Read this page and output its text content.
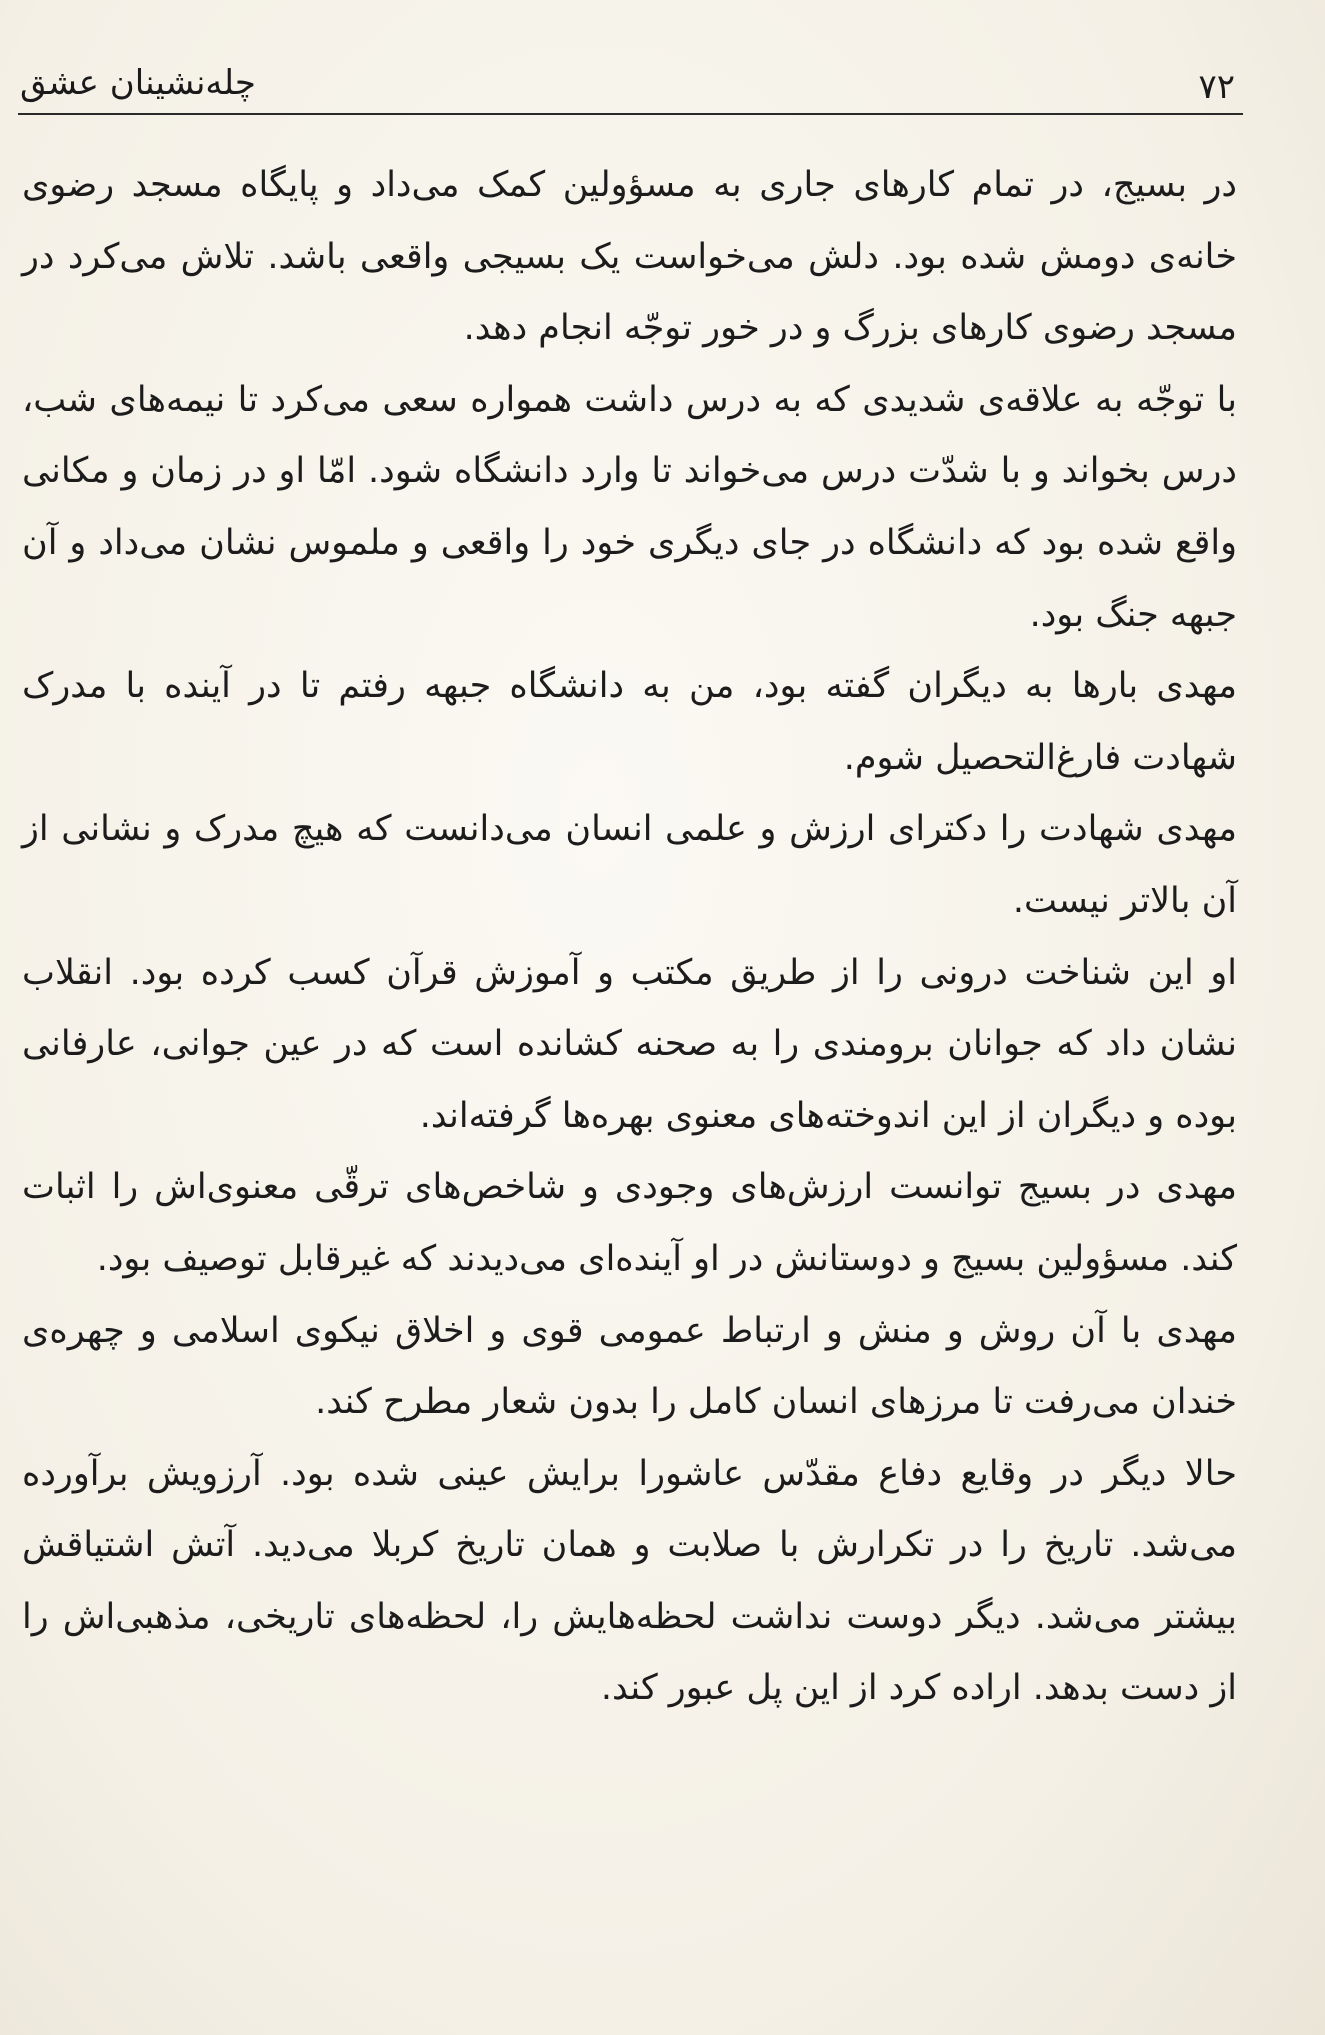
۷۲
چله‌نشینان عشق

در بسیج، در تمام کارهای جاری به مسؤولین کمک می‌داد و پایگاه مسجد رضوی خانه‌ی دومش شده بود. دلش می‌خواست یک بسیجی واقعی باشد. تلاش می‌کرد در مسجد رضوی کارهای بزرگ و در خور توجّه انجام دهد.

با توجّه به علاقه‌ی شدیدی که به درس داشت همواره سعی می‌کرد تا نیمه‌های شب، درس بخواند و با شدّت درس می‌خواند تا وارد دانشگاه شود. امّا او در زمان و مکانی واقع شده بود که دانشگاه در جای دیگری خود را واقعی و ملموس نشان می‌داد و آن جبهه جنگ بود.

مهدی بارها به دیگران گفته بود، من به دانشگاه جبهه رفتم تا در آینده با مدرک شهادت فارغ‌التحصیل شوم.

مهدی شهادت را دکترای ارزش و علمی انسان می‌دانست که هیچ مدرک و نشانی از آن بالاتر نیست.

او این شناخت درونی را از طریق مکتب و آموزش قرآن کسب کرده بود. انقلاب نشان داد که جوانان برومندی را به صحنه کشانده است که در عین جوانی، عارفانی بوده و دیگران از این اندوخته‌های معنوی بهره‌ها گرفته‌اند.

مهدی در بسیج توانست ارزش‌های وجودی و شاخص‌های ترقّی معنوی‌اش را اثبات کند. مسؤولین بسیج و دوستانش در او آینده‌ای می‌دیدند که غیرقابل توصیف بود.

مهدی با آن روش و منش و ارتباط عمومی قوی و اخلاق نیکوی اسلامی و چهره‌ی خندان می‌رفت تا مرزهای انسان کامل را بدون شعار مطرح کند.

حالا دیگر در وقایع دفاع مقدّس عاشورا برایش عینی شده بود. آرزویش برآورده می‌شد. تاریخ را در تکرارش با صلابت و همان تاریخ کربلا می‌دید. آتش اشتیاقش بیشتر می‌شد. دیگر دوست نداشت لحظه‌هایش را، لحظه‌های تاریخی، مذهبی‌اش را از دست بدهد. اراده کرد از این پل عبور کند.
